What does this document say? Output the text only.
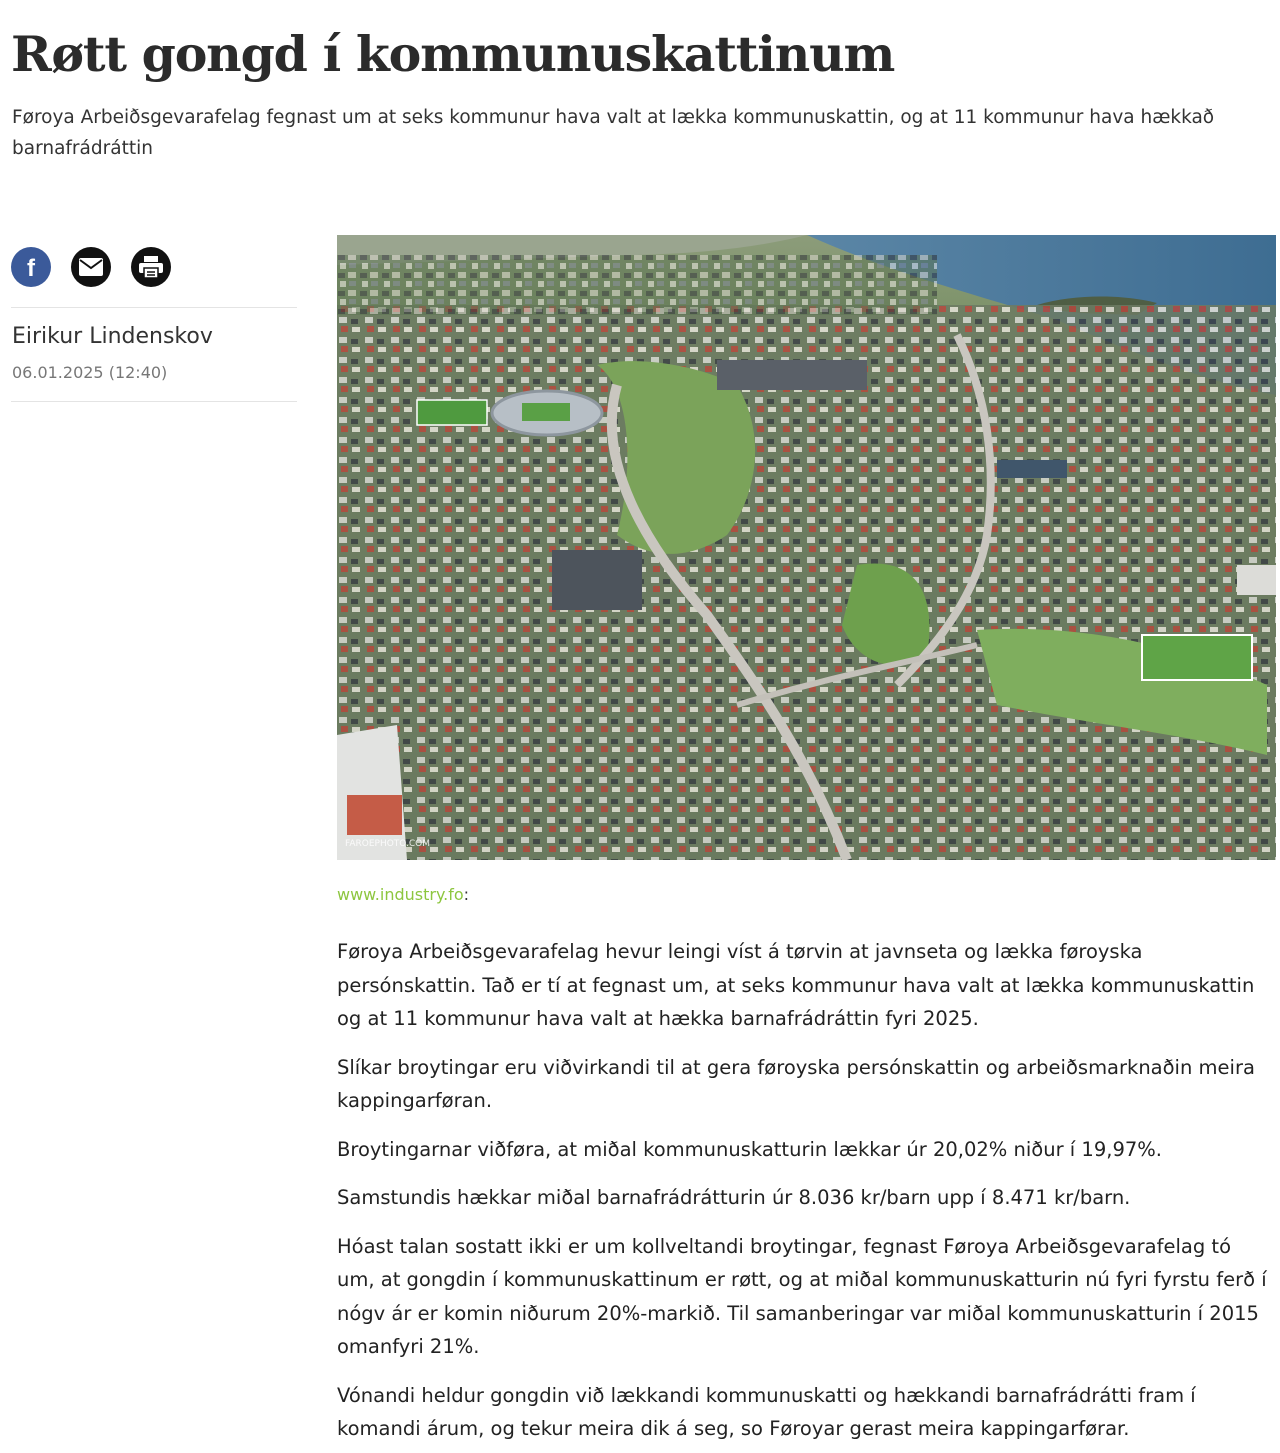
Røtt gongd í kommunuskattinum

Føroya Arbeiðsgevarafelag fegnast um at seks kommunur hava valt at lækka kommunuskattin, og at 11 kommunur hava hækkað barnafrádráttin

f
Eirikur Lindenskov
06.01.2025 (12:40)
FAROEPHOTO.COM
www.industry.fo:

Føroya Arbeiðsgevarafelag hevur leingi víst á tørvin at javnseta og lækka føroyska persónskattin. Tað er tí at fegnast um, at seks kommunur hava valt at lækka kommunuskattin og at 11 kommunur hava valt at hækka barnafrádráttin fyri 2025.

Slíkar broytingar eru viðvirkandi til at gera føroyska persónskattin og arbeiðsmarknaðin meira kappingarføran.

Broytingarnar viðføra, at miðal kommunuskatturin lækkar úr 20,02% niður í 19,97%.

Samstundis hækkar miðal barnafrádrátturin úr 8.036 kr/barn upp í 8.471 kr/barn.

Hóast talan sostatt ikki er um kollveltandi broytingar, fegnast Føroya Arbeiðsgevarafelag tó um, at gongdin í kommunuskattinum er røtt, og at miðal kommunuskatturin nú fyri fyrstu ferð í nógv ár er komin niðurum 20%-markið. Til samanberingar var miðal kommunuskatturin í 2015 omanfyri 21%.

Vónandi heldur gongdin við lækkandi kommunuskatti og hækkandi barnafrádrátti fram í komandi árum, og tekur meira dik á seg, so Føroyar gerast meira kappingarførar.
